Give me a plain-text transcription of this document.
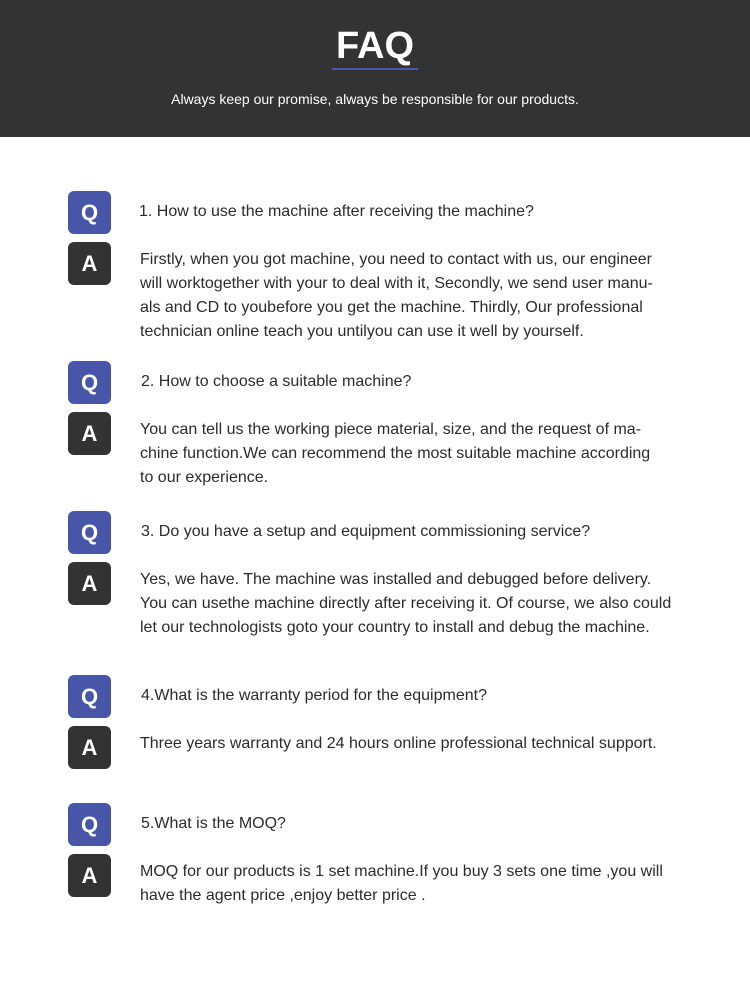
FAQ
Always keep our promise, always be responsible for our products.
Q	1. How to use the machine after receiving the machine?
A	Firstly, when you got machine, you need to contact with us, our engineer
will worktogether with your to deal with it, Secondly, we send user manu-
als and CD to youbefore you get the machine. Thirdly, Our professional
technician online teach you untilyou can use it well by yourself.
Q	2. How to choose a suitable machine?
A	You can tell us the working piece material, size, and the request of ma-
chine function.We can recommend the most suitable machine according
to our experience.
Q	3. Do you have a setup and equipment commissioning service?
A	Yes, we have. The machine was installed and debugged before delivery.
You can usethe machine directly after receiving it. Of course, we also could
let our technologists goto your country to install and debug the machine.
Q	4.What is the warranty period for the equipment?
A	Three years warranty and 24 hours online professional technical support.
Q	5.What is the MOQ?
A	MOQ for our products is 1 set machine.If you buy 3 sets one time ,you will
have the agent price ,enjoy better price .
